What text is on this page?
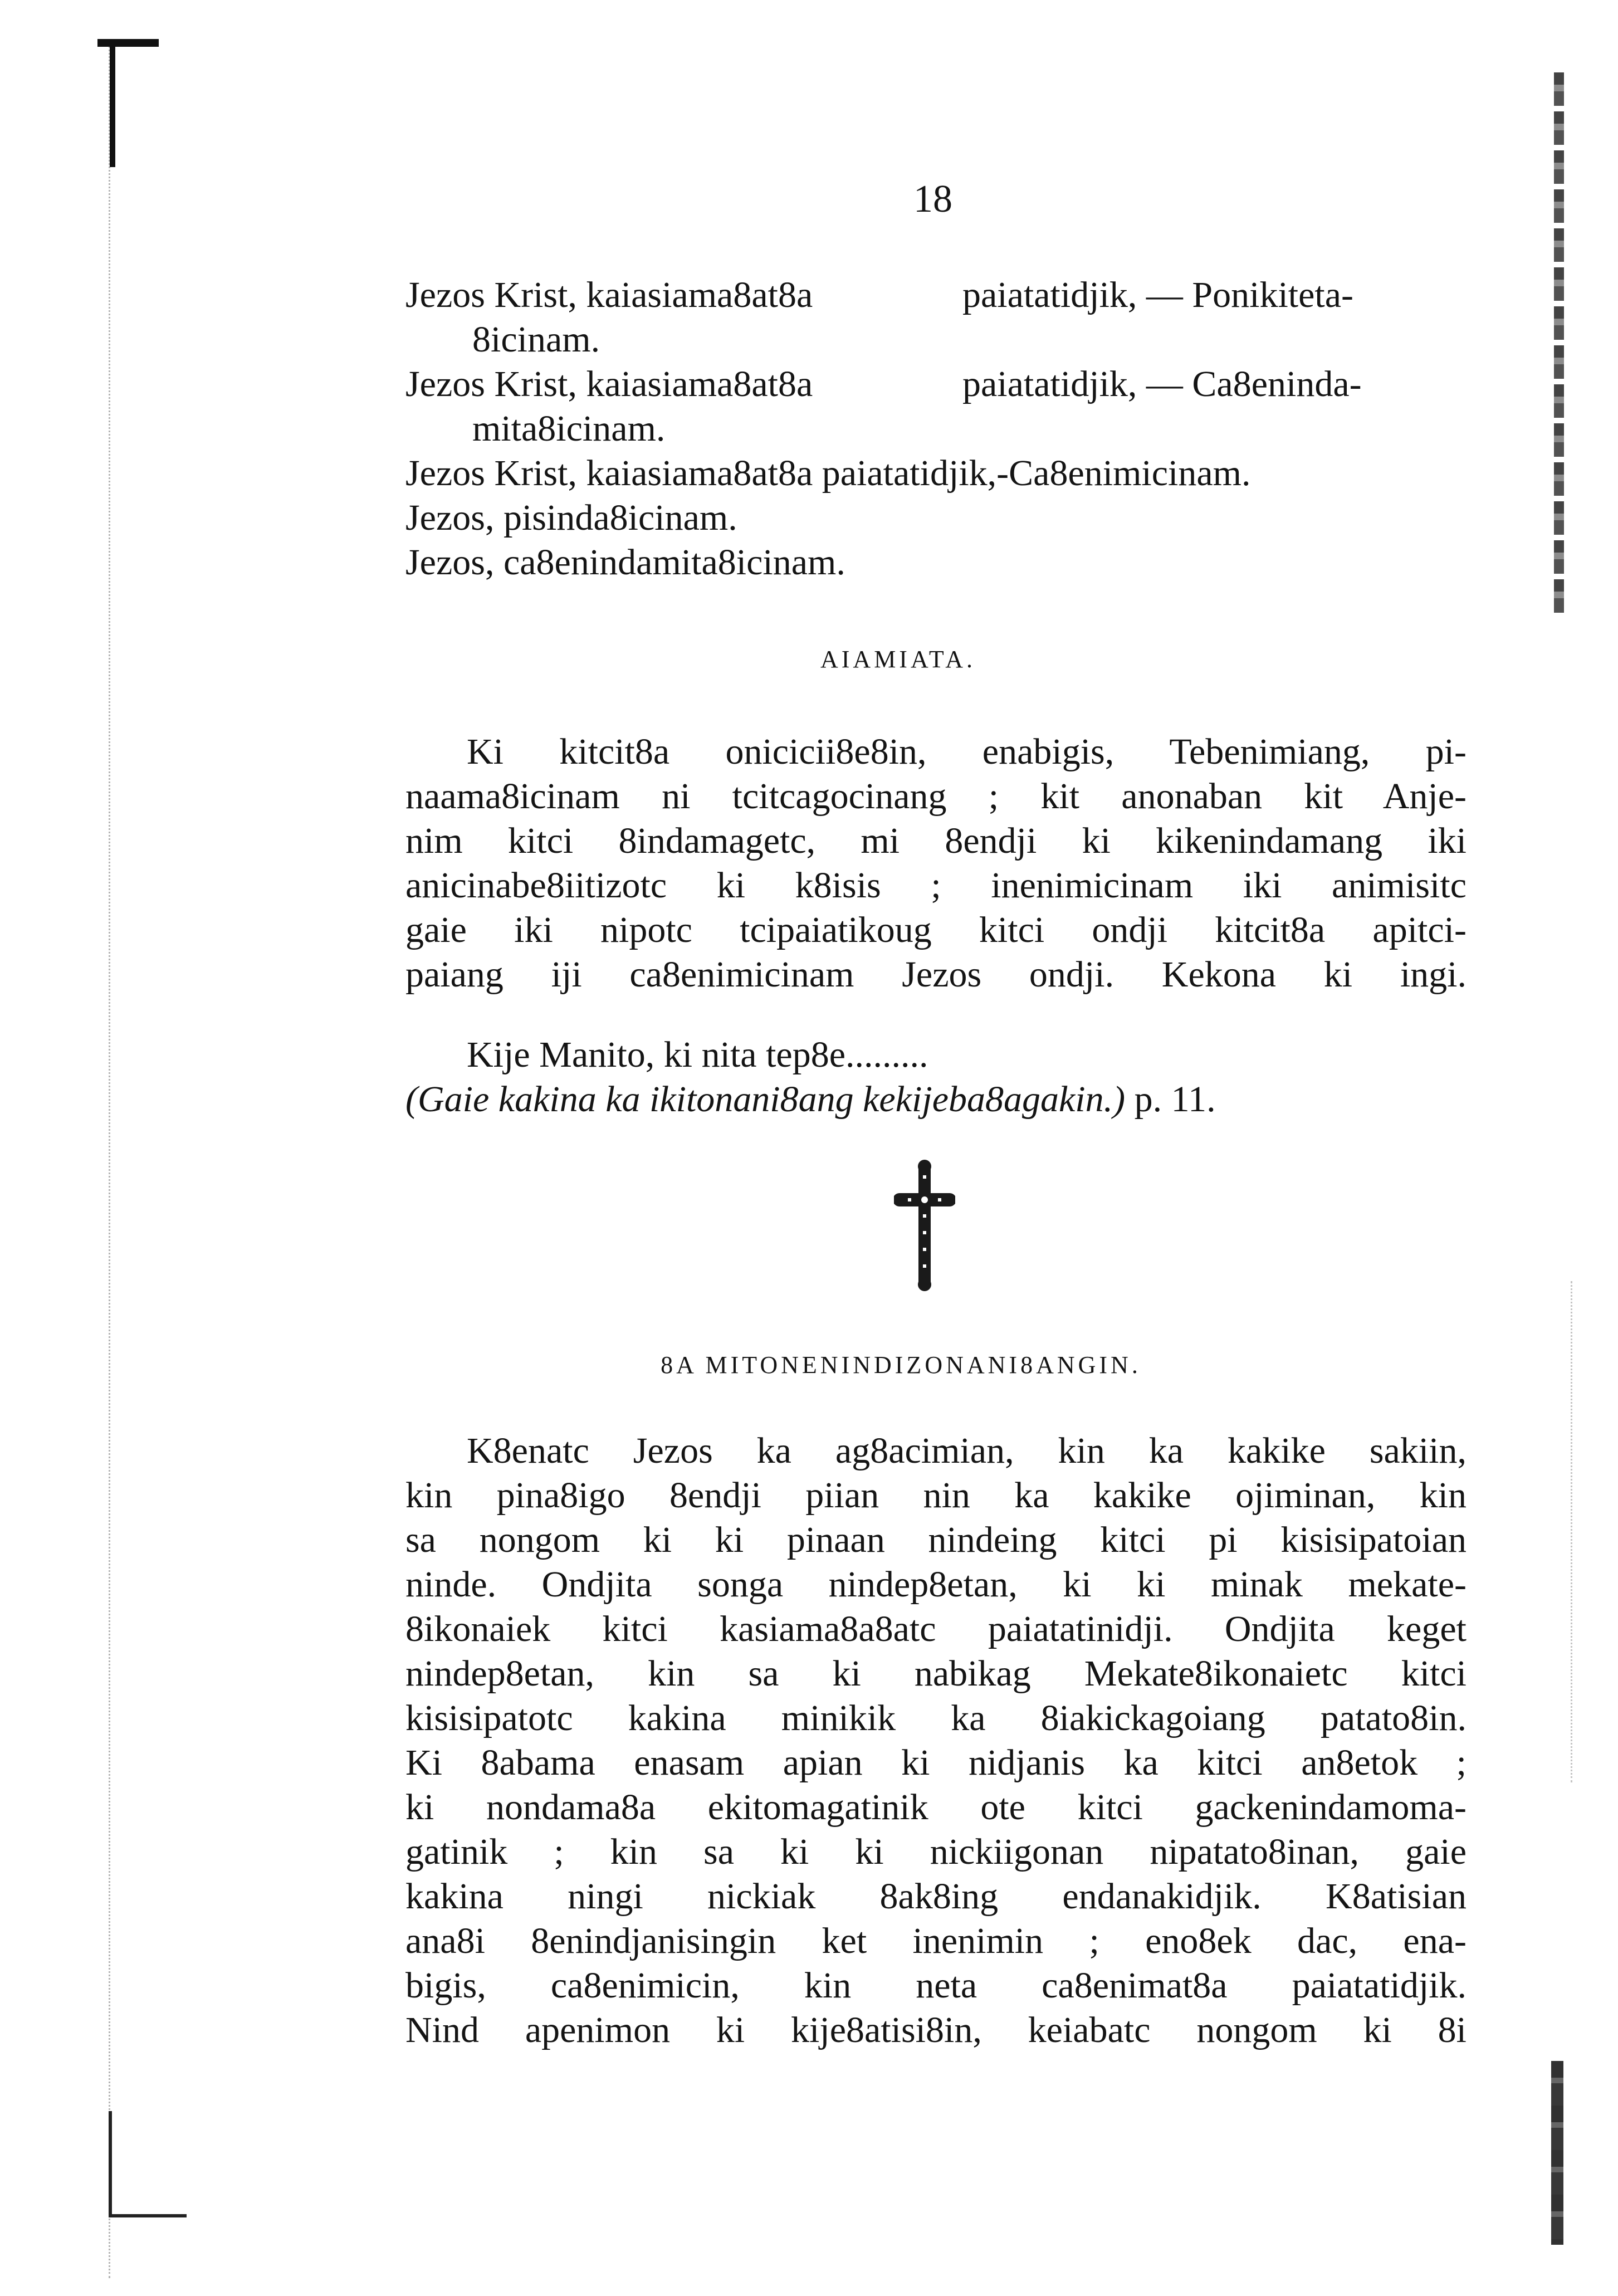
18
Jezos Krist, kaiasiama8at8a	paiatatidjik, — Ponikiteta-
8icinam.
Jezos Krist, kaiasiama8at8a	paiatatidjik, — Ca8eninda-
mita8icinam.
Jezos Krist, kaiasiama8at8a paiatatidjik,-Ca8enimicinam.
Jezos, pisinda8icinam.
Jezos, ca8enindamita8icinam.
AIAMIATA.
Ki kitcit8a onicicii8e8in, enabigis, Tebenimiang, pi-
naama8icinam ni tcitcagocinang ; kit anonaban kit Anje-
nim kitci 8indamagetc, mi 8endji ki kikenindamang iki
anicinabe8iitizotc ki k8isis ; inenimicinam iki animisitc
gaie iki nipotc tcipaiatikoug kitci ondji kitcit8a apitci-
paiang iji ca8enimicinam Jezos ondji. Kekona ki ingi.
Kije Manito, ki nita tep8e.........
(Gaie kakina ka ikitonani8ang kekijeba8agakin.) p. 11.
8A MITONENINDIZONANI8ANGIN.
K8enatc Jezos ka ag8acimian, kin ka kakike sakiin,
kin pina8igo 8endji piian nin ka kakike ojiminan, kin
sa nongom ki ki pinaan nindeing kitci pi kisisipatoian
ninde. Ondjita songa nindep8etan, ki ki minak mekate-
8ikonaiek kitci kasiama8a8atc paiatatinidji. Ondjita keget
nindep8etan, kin sa ki nabikag Mekate8ikonaietc kitci
kisisipatotc kakina minikik ka 8iakickagoiang patato8in.
Ki 8abama enasam apian ki nidjanis ka kitci an8etok ;
ki nondama8a ekitomagatinik ote kitci gackenindamoma-
gatinik ; kin sa ki ki nickiigonan nipatato8inan, gaie
kakina ningi nickiak 8ak8ing endanakidjik. K8atisian
ana8i 8enindjanisingin ket inenimin ; eno8ek dac, ena-
bigis, ca8enimicin, kin neta ca8enimat8a paiatatidjik.
Nind apenimon ki kije8atisi8in, keiabatc nongom ki 8i
